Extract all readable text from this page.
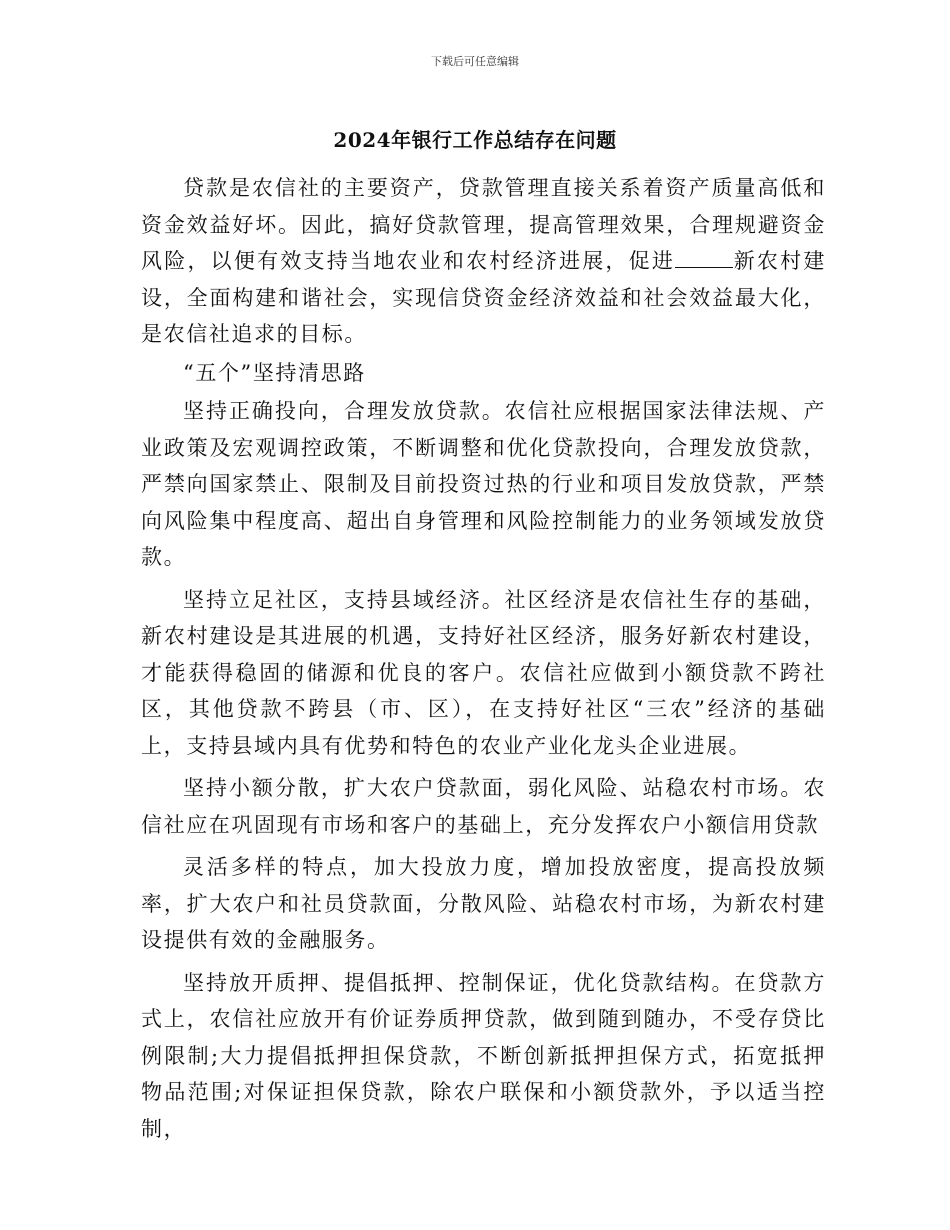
下载后可任意编辑
2024年银行工作总结存在问题

贷款是农信社的主要资产，贷款管理直接关系着资产质量高低和资金效益好坏。因此，搞好贷款管理，提高管理效果，合理规避资金风险，以便有效支持当地农业和农村经济进展，促进	新农村建设，全面构建和谐社会，实现信贷资金经济效益和社会效益最大化，是农信社追求的目标。

“五个”坚持清思路

坚持正确投向，合理发放贷款。农信社应根据国家法律法规、产业政策及宏观调控政策，不断调整和优化贷款投向，合理发放贷款，严禁向国家禁止、限制及目前投资过热的行业和项目发放贷款，严禁向风险集中程度高、超出自身管理和风险控制能力的业务领域发放贷款。

坚持立足社区，支持县域经济。社区经济是农信社生存的基础，新农村建设是其进展的机遇，支持好社区经济，服务好新农村建设，才能获得稳固的储源和优良的客户。农信社应做到小额贷款不跨社区，其他贷款不跨县（市、区），在支持好社区“三农”经济的基础上，支持县域内具有优势和特色的农业产业化龙头企业进展。

坚持小额分散，扩大农户贷款面，弱化风险、站稳农村市场。农信社应在巩固现有市场和客户的基础上，充分发挥农户小额信用贷款

灵活多样的特点，加大投放力度，增加投放密度，提高投放频率，扩大农户和社员贷款面，分散风险、站稳农村市场，为新农村建设提供有效的金融服务。

坚持放开质押、提倡抵押、控制保证，优化贷款结构。在贷款方式上，农信社应放开有价证券质押贷款，做到随到随办，不受存贷比例限制;大力提倡抵押担保贷款，不断创新抵押担保方式，拓宽抵押物品范围;对保证担保贷款，除农户联保和小额贷款外，予以适当控制，
